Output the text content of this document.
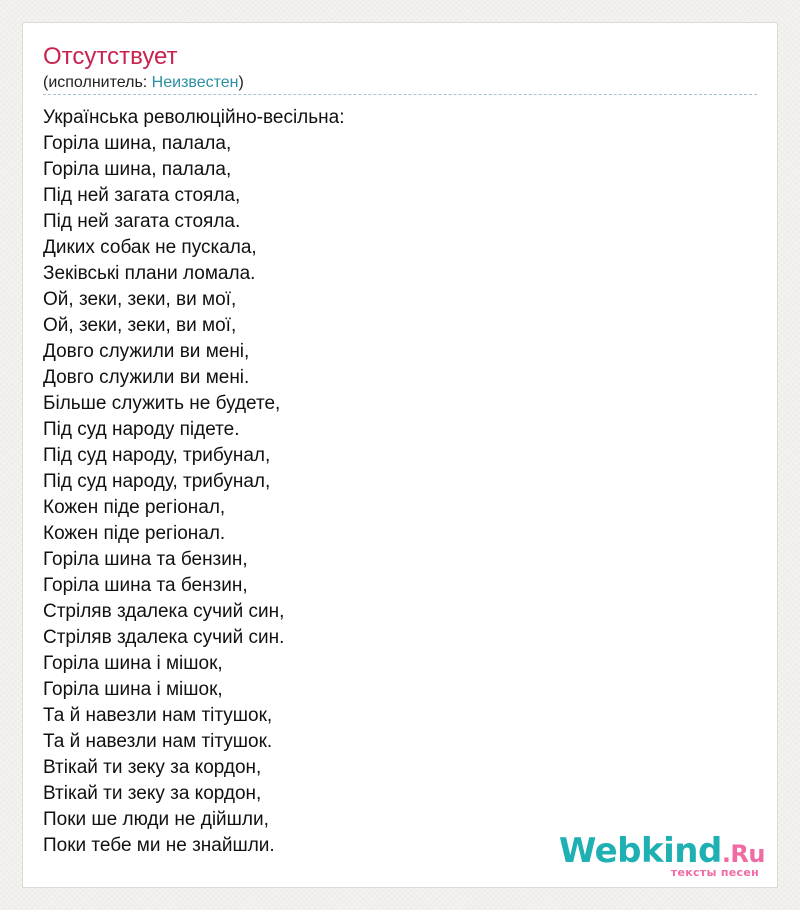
Отсутствует
(исполнитель: Неизвестен)
Українська революційно-весільна:
Горіла шина, палала,
Горіла шина, палала,
Під ней загата стояла,
Під ней загата стояла.
Диких собак не пускала,
Зеківські плани ломала.
Ой, зеки, зеки, ви мої,
Ой, зеки, зеки, ви мої,
Довго служили ви мені,
Довго служили ви мені.
Більше служить не будете,
Під суд народу підете.
Під суд народу, трибунал,
Під суд народу, трибунал,
Кожен піде регіонал,
Кожен піде регіонал.
Горіла шина та бензин,
Горіла шина та бензин,
Стріляв здалека сучий син,
Стріляв здалека сучий син.
Горіла шина і мішок,
Горіла шина і мішок,
Та й навезли нам тітушок,
Та й навезли нам тітушок.
Втікай ти зеку за кордон,
Втікай ти зеку за кордон,
Поки ше люди не дійшли,
Поки тебе ми не знайшли.	Webkind.Ru
тексты песен
